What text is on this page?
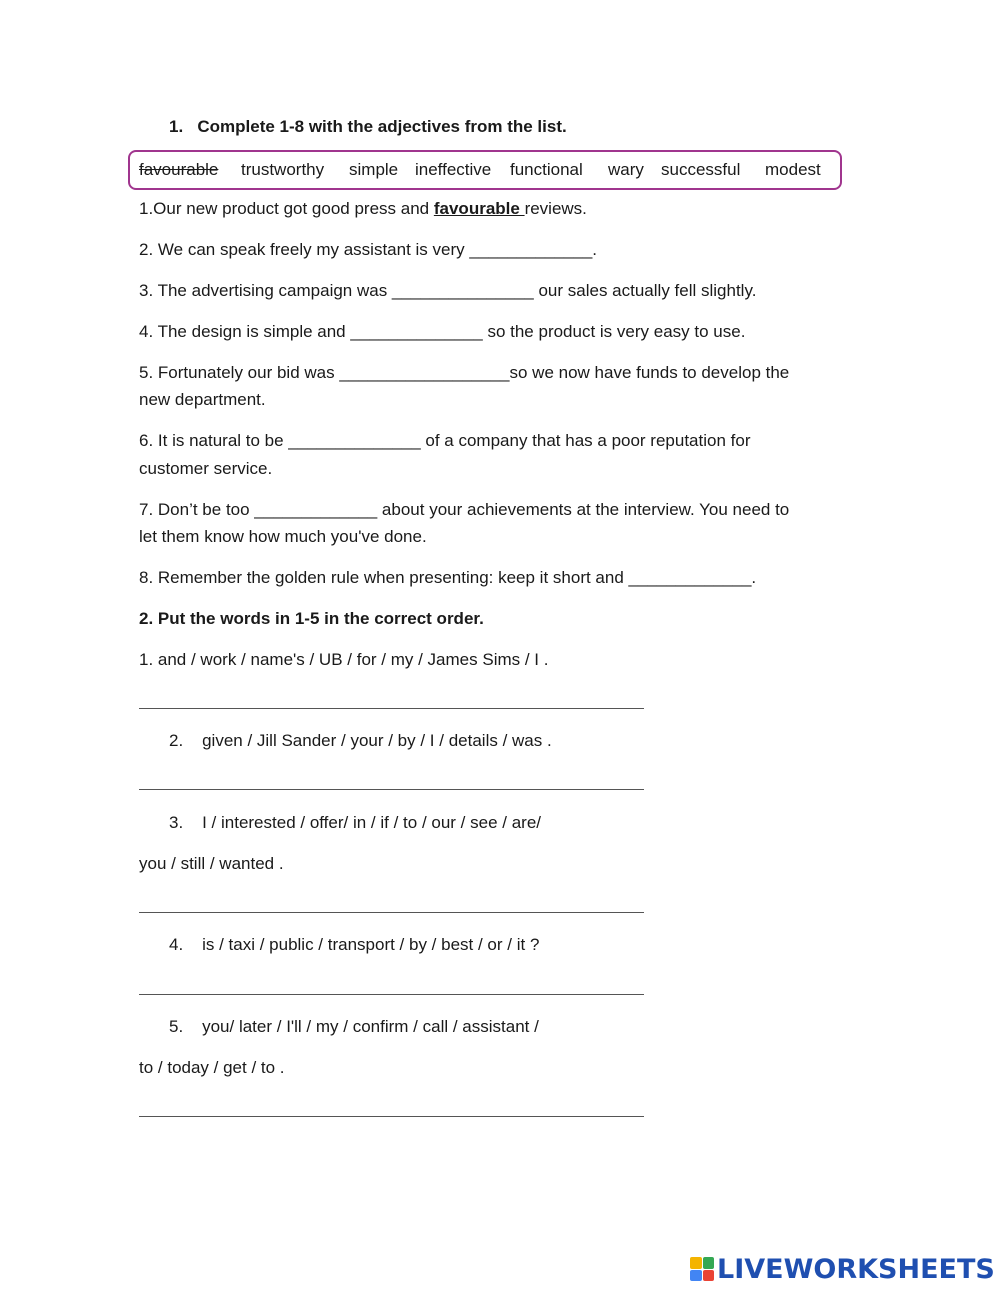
1. Complete 1-8 with the adjectives from the list.
favourable trustworthy simple ineffective functional wary successful modest
1.Our new product got good press and favourable reviews.
2. We can speak freely my assistant is very _____________.
3. The advertising campaign was _______________ our sales actually fell slightly.
4. The design is simple and ______________ so the product is very easy to use.
5. Fortunately our bid was __________________so we now have funds to develop the
new department.
6. It is natural to be ______________ of a company that has a poor reputation for
customer service.
7. Don’t be too _____________ about your achievements at the interview. You need to
let them know how much you've done.
8. Remember the golden rule when presenting: keep it short and _____________.
2. Put the words in 1-5 in the correct order.
1. and / work / name's / UB / for / my / James Sims / I .
2. given / Jill Sander / your / by / I / details / was .
3. I / interested / offer/ in / if / to / our / see / are/
you / still / wanted .
4. is / taxi / public / transport / by / best / or / it ?
5. you/ later / I'll / my / confirm / call / assistant /
to / today / get / to .
LIVEWORKSHEETS
